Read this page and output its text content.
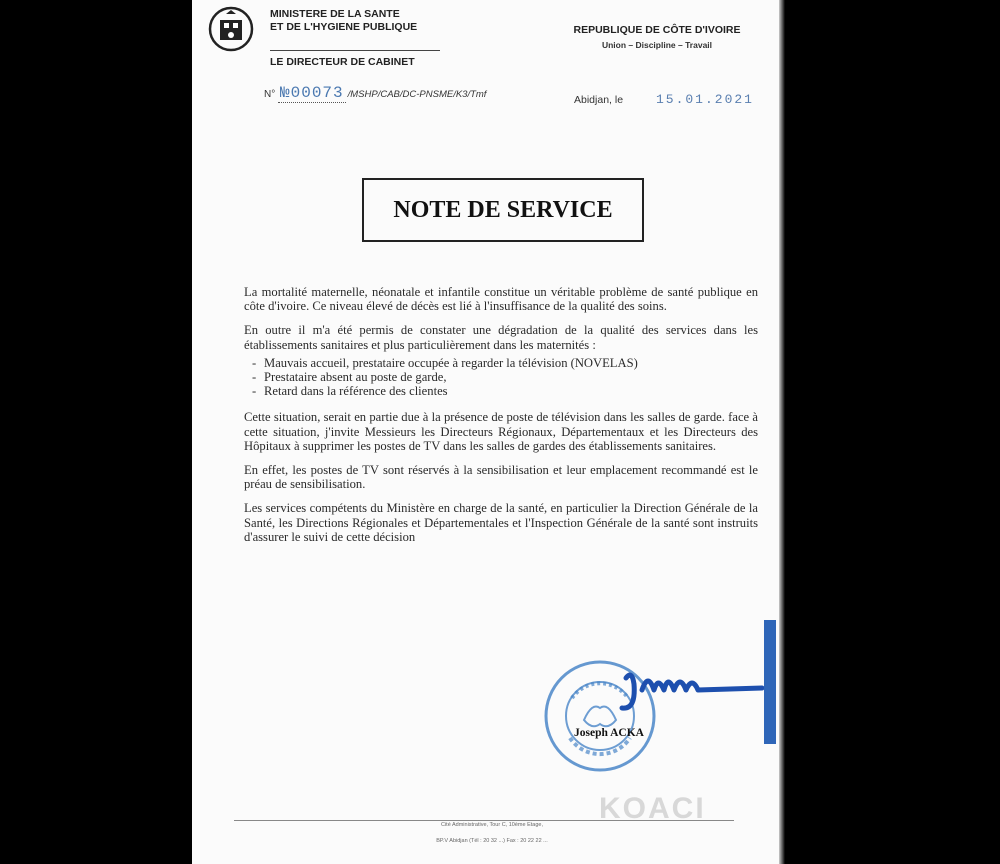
MINISTERE DE LA SANTE
ET DE L'HYGIENE PUBLIQUE
LE DIRECTEUR DE CABINET
REPUBLIQUE DE CÔTE D'IVOIRE
Union – Discipline – Travail
N° №00073 /MSHP/CAB/DC-PNSME/K3/Tmf	Abidjan, le	15.01.2021
NOTE DE SERVICE

La mortalité maternelle, néonatale et infantile constitue un véritable problème de santé publique en côte d'ivoire. Ce niveau élevé de décès est lié à l'insuffisance de la qualité des soins.

En outre il m'a été permis de constater une dégradation de la qualité des services dans les établissements sanitaires et plus particulièrement dans les maternités :

- Mauvais accueil, prestataire occupée à regarder la télévision (NOVELAS)
- Prestataire absent au poste de garde,
- Retard dans la référence des clientes

Cette situation, serait en partie due à la présence de poste de télévision dans les salles de garde. face à cette situation, j'invite Messieurs les Directeurs Régionaux, Départementaux et les Directeurs des Hôpitaux à supprimer les postes de TV dans les salles de gardes des établissements sanitaires.

En effet, les postes de TV sont réservés à la sensibilisation et leur emplacement recommandé est le préau de sensibilisation.

Les services compétents du Ministère en charge de la santé, en particulier la Direction Générale de la Santé, les Directions Régionales et Départementales et l'Inspection Générale de la santé sont instruits d'assurer le suivi de cette décision

Joseph ACKA
KOACI
Cité Administrative, Tour C, 10ème Etage,
BP.V Abidjan (Tél : 20 32 ...) Fax : 20 22 22 ...
